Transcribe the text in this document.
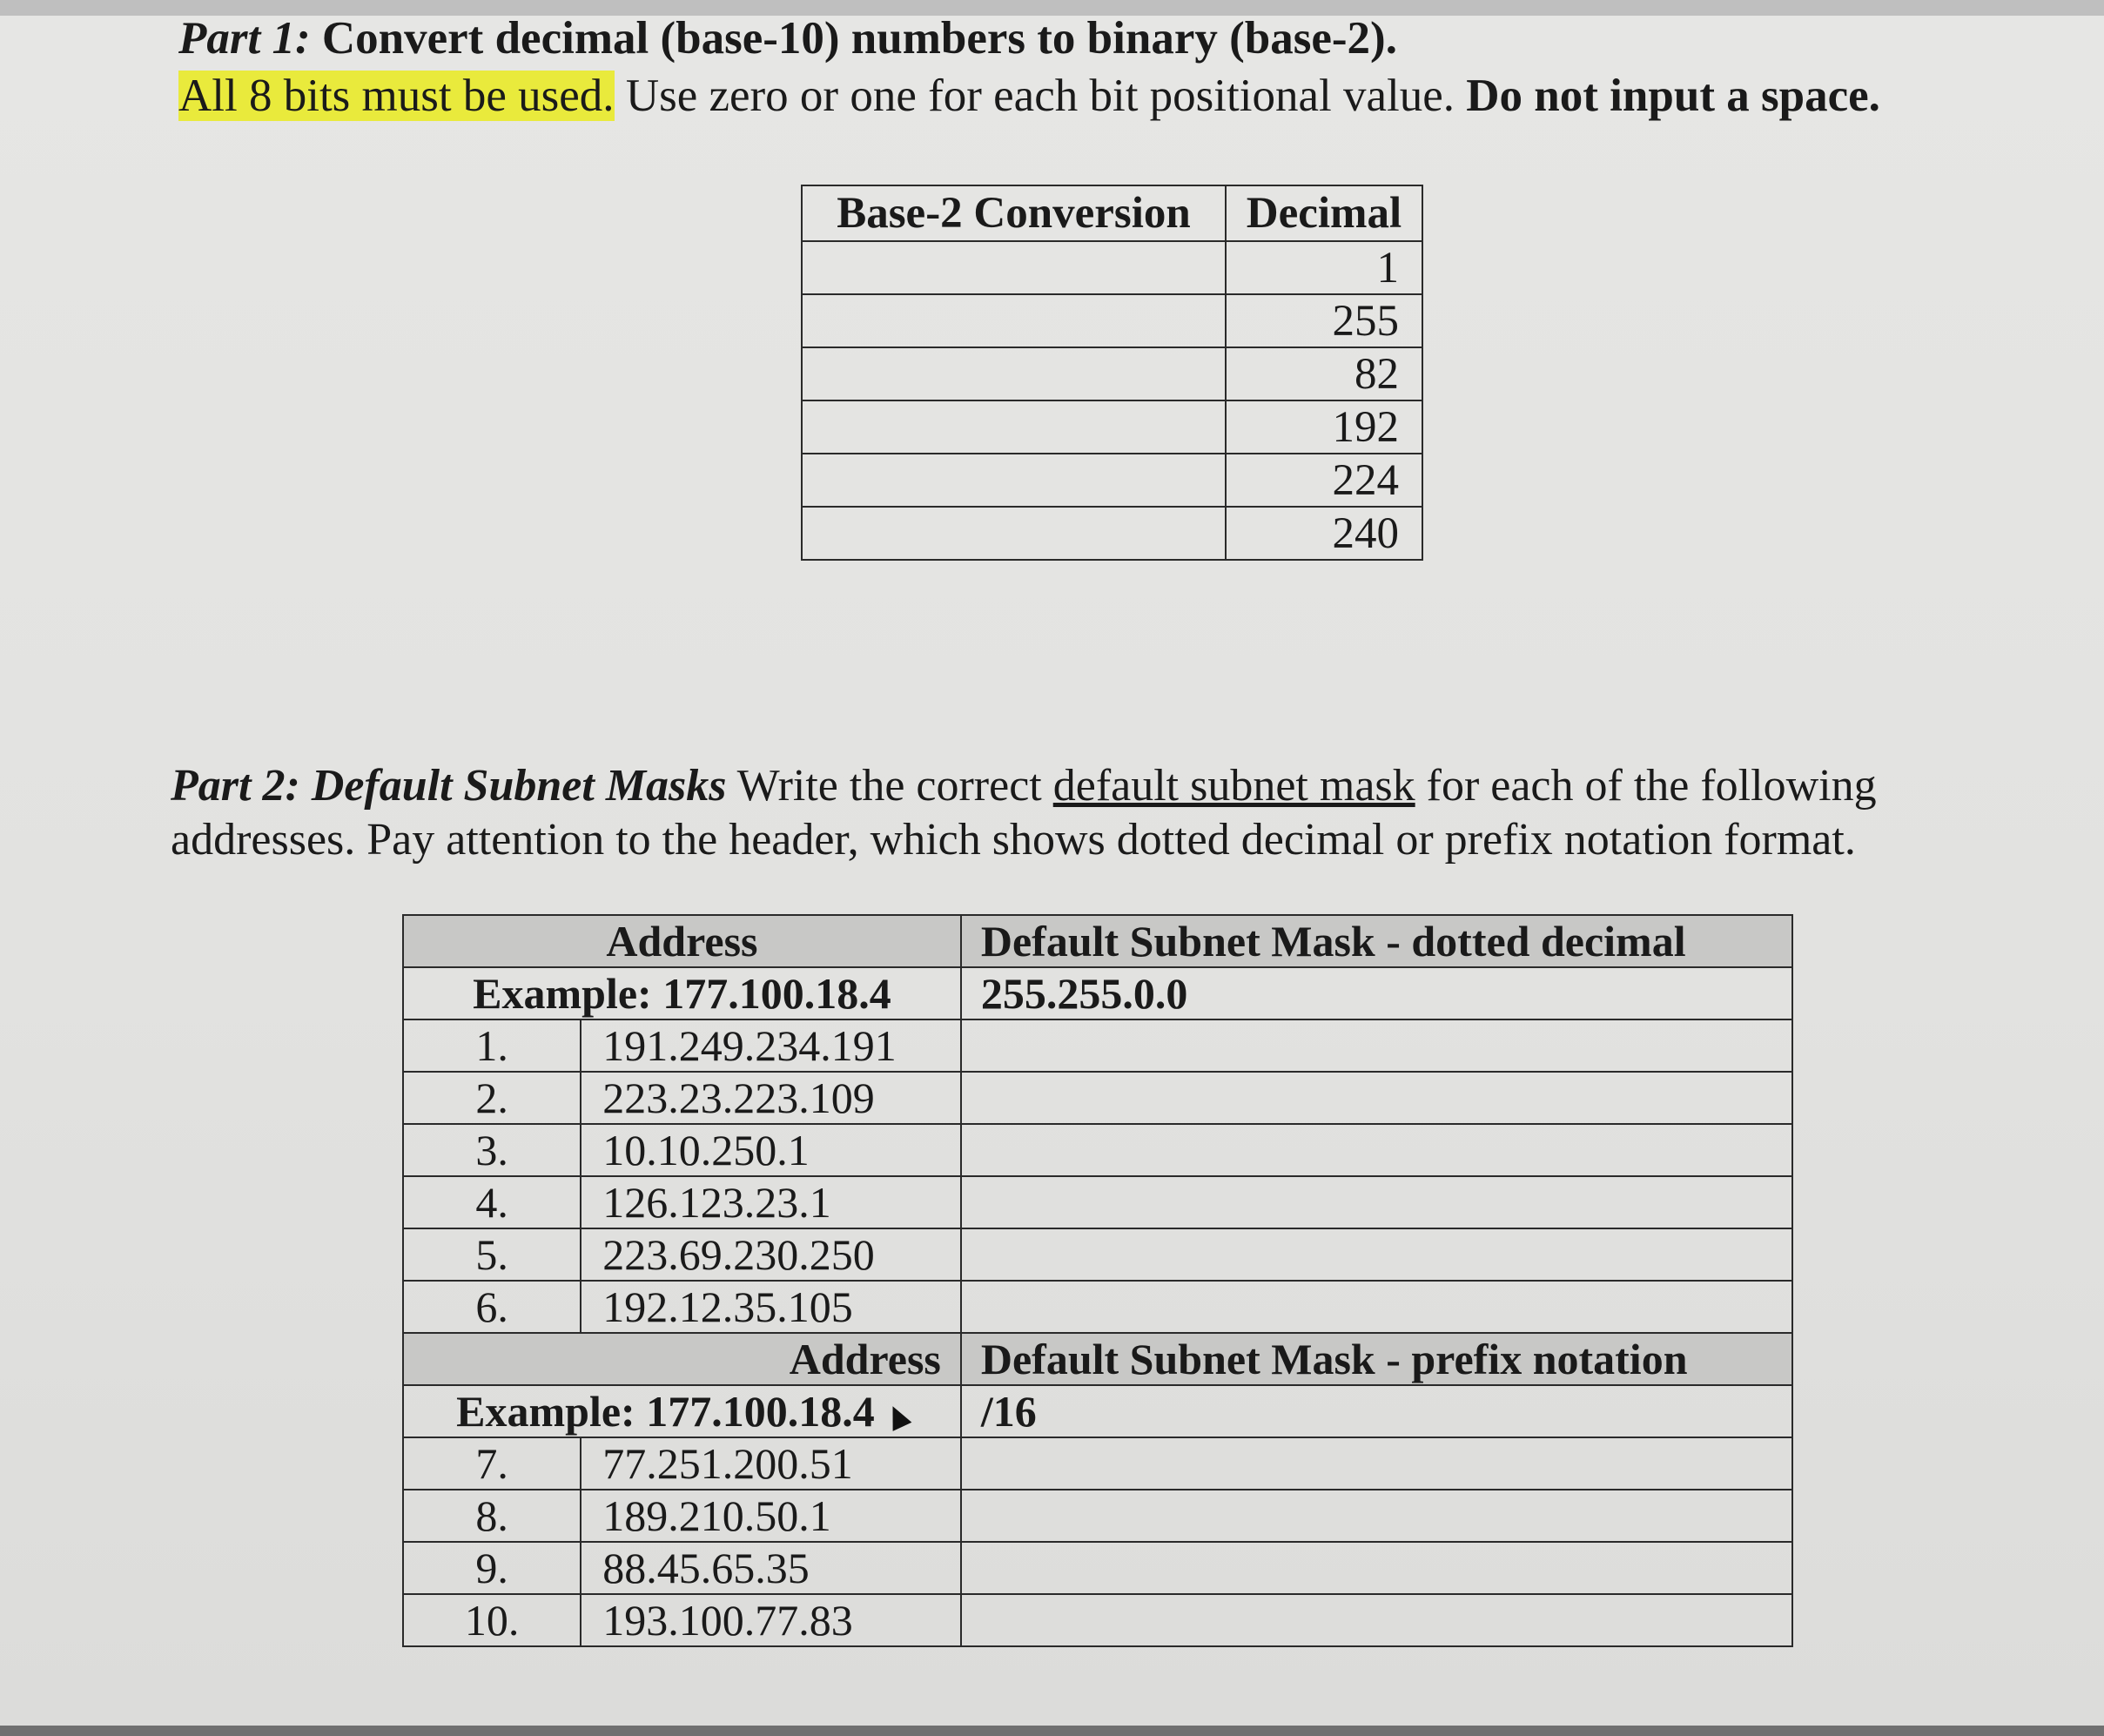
Part 1: Convert decimal (base-10) numbers to binary (base-2).
All 8 bits must be used. Use zero or one for each bit positional value. Do not input a space.
Base-2 Conversion	Decimal
	1
	255
	82
	192
	224
	240
Part 2: Default Subnet Masks Write the correct default subnet mask for each of the following addresses. Pay attention to the header, which shows dotted decimal or prefix notation format.
Address		Default Subnet Mask - dotted decimal
Example: 177.100.18.4		255.255.0.0
1.	191.249.234.191	
2.	223.23.223.109	
3.	10.10.250.1	
4.	126.123.23.1	
5.	223.69.230.250	
6.	192.12.35.105	
Address		Default Subnet Mask - prefix notation
Example: 177.100.18.4		/16
7.	77.251.200.51	
8.	189.210.50.1	
9.	88.45.65.35	
10.	193.100.77.83	
